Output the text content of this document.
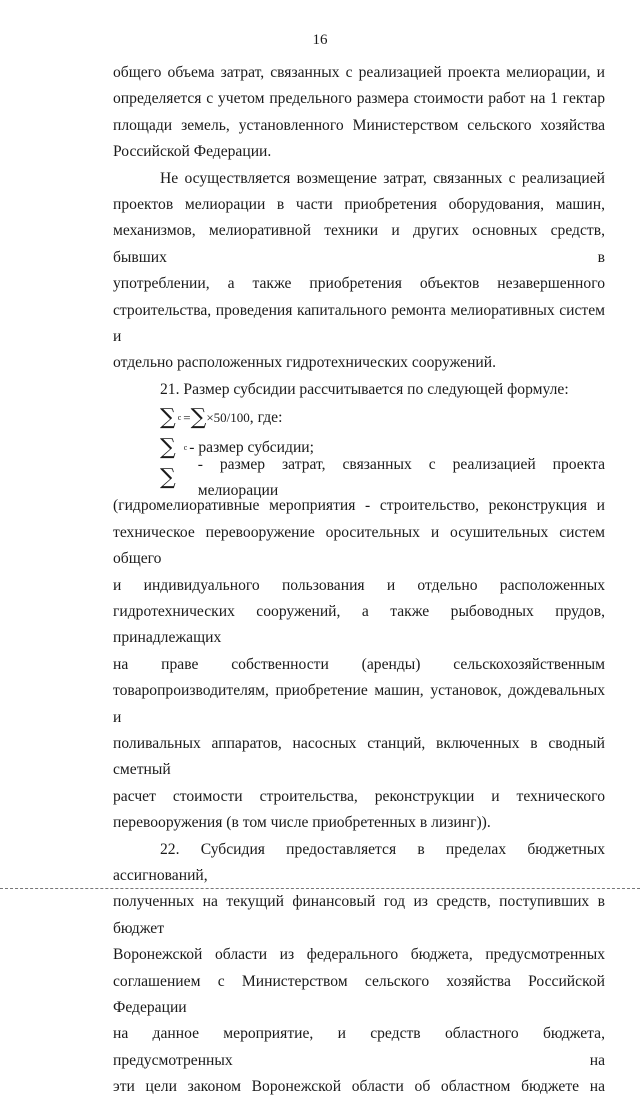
16

общего объема затрат, связанных с реализацией проекта мелиорации, и

определяется с учетом предельного размера стоимости работ на 1 гектар

площади земель, установленного Министерством сельского хозяйства

Российской Федерации.

Не осуществляется возмещение затрат, связанных с реализацией

проектов мелиорации в части приобретения оборудования, машин,

механизмов, мелиоративной техники и других основных средств, бывших в

употреблении, а также приобретения объектов незавершенного

строительства, проведения капитального ремонта мелиоративных систем и

отдельно расположенных гидротехнических сооружений.

21. Размер субсидии рассчитывается по следующей формуле:

∑ c = ∑ ×50/100 , где:
∑ c - размер субсидии;
∑
- размер затрат, связанных с реализацией проекта мелиорации

(гидромелиоративные мероприятия - строительство, реконструкция и

техническое перевооружение оросительных и осушительных систем общего

и индивидуального пользования и отдельно расположенных

гидротехнических сооружений, а также рыбоводных прудов, принадлежащих

на праве собственности (аренды) сельскохозяйственным

товаропроизводителям, приобретение машин, установок, дождевальных и

поливальных аппаратов, насосных станций, включенных в сводный сметный

расчет стоимости строительства, реконструкции и технического

перевооружения (в том числе приобретенных в лизинг)).

22. Субсидия предоставляется в пределах бюджетных ассигнований,

полученных на текущий финансовый год из средств, поступивших в бюджет

Воронежской области из федерального бюджета, предусмотренных

соглашением с Министерством сельского хозяйства Российской Федерации

на данное мероприятие, и средств областного бюджета, предусмотренных на

эти цели законом Воронежской области об областном бюджете на
